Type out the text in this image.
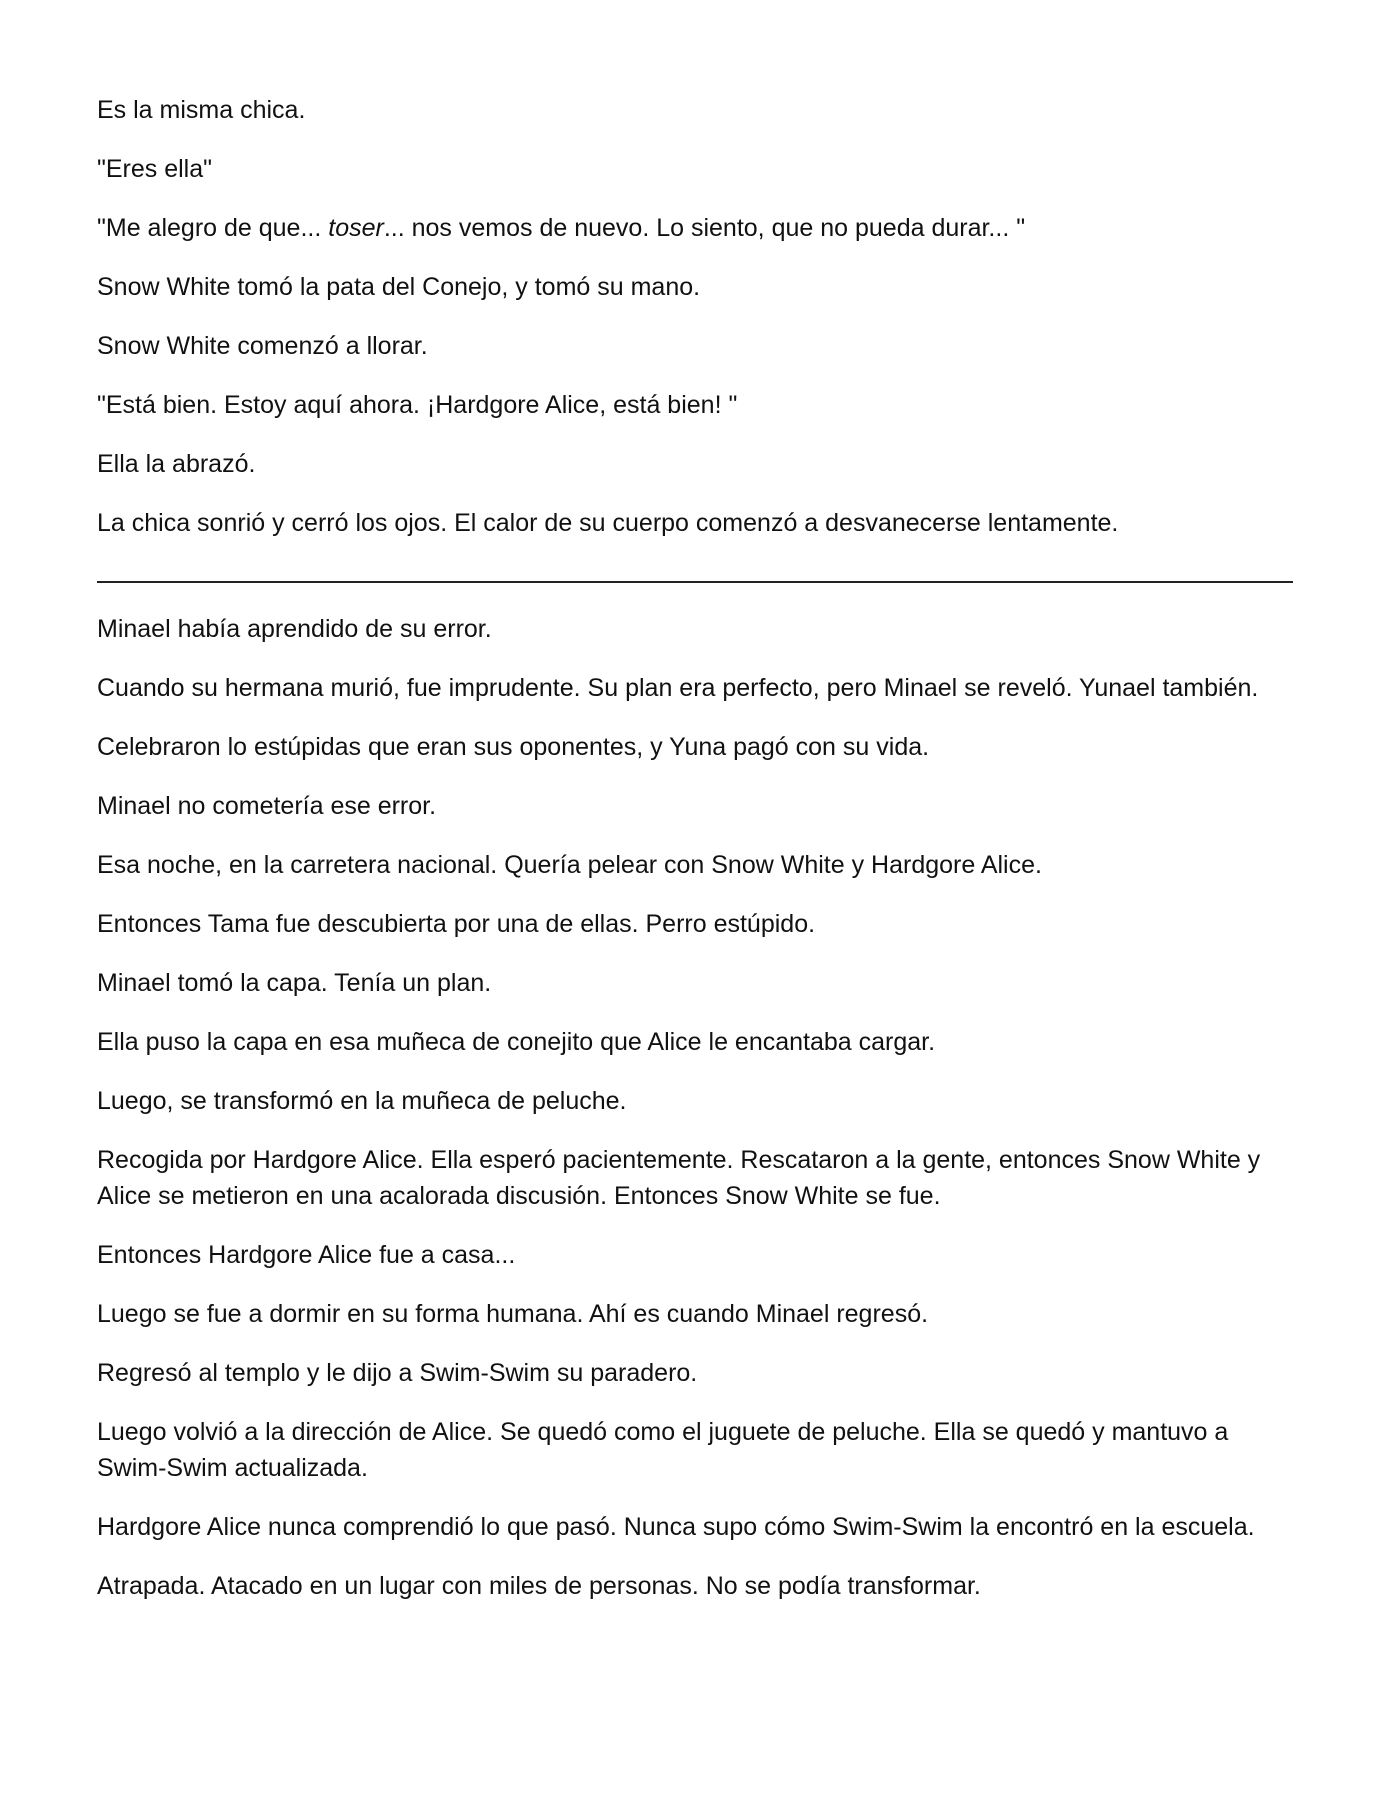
Es la misma chica.

"Eres ella"

"Me alegro de que... toser... nos vemos de nuevo. Lo siento, que no pueda durar... "

Snow White tomó la pata del Conejo, y tomó su mano.

Snow White comenzó a llorar.

"Está bien. Estoy aquí ahora. ¡Hardgore Alice, está bien! "

Ella la abrazó.

La chica sonrió y cerró los ojos. El calor de su cuerpo comenzó a desvanecerse lentamente.

Minael había aprendido de su error.

Cuando su hermana murió, fue imprudente. Su plan era perfecto, pero Minael se reveló. Yunael también.

Celebraron lo estúpidas que eran sus oponentes, y Yuna pagó con su vida.

Minael no cometería ese error.

Esa noche, en la carretera nacional. Quería pelear con Snow White y Hardgore Alice.

Entonces Tama fue descubierta por una de ellas. Perro estúpido.

Minael tomó la capa. Tenía un plan.

Ella puso la capa en esa muñeca de conejito que Alice le encantaba cargar.

Luego, se transformó en la muñeca de peluche.

Recogida por Hardgore Alice. Ella esperó pacientemente. Rescataron a la gente, entonces Snow White y Alice se metieron en una acalorada discusión. Entonces Snow White se fue.

Entonces Hardgore Alice fue a casa...

Luego se fue a dormir en su forma humana. Ahí es cuando Minael regresó.

Regresó al templo y le dijo a Swim-Swim su paradero.

Luego volvió a la dirección de Alice. Se quedó como el juguete de peluche. Ella se quedó y mantuvo a Swim-Swim actualizada.

Hardgore Alice nunca comprendió lo que pasó. Nunca supo cómo Swim-Swim la encontró en la escuela.

Atrapada. Atacado en un lugar con miles de personas. No se podía transformar.
